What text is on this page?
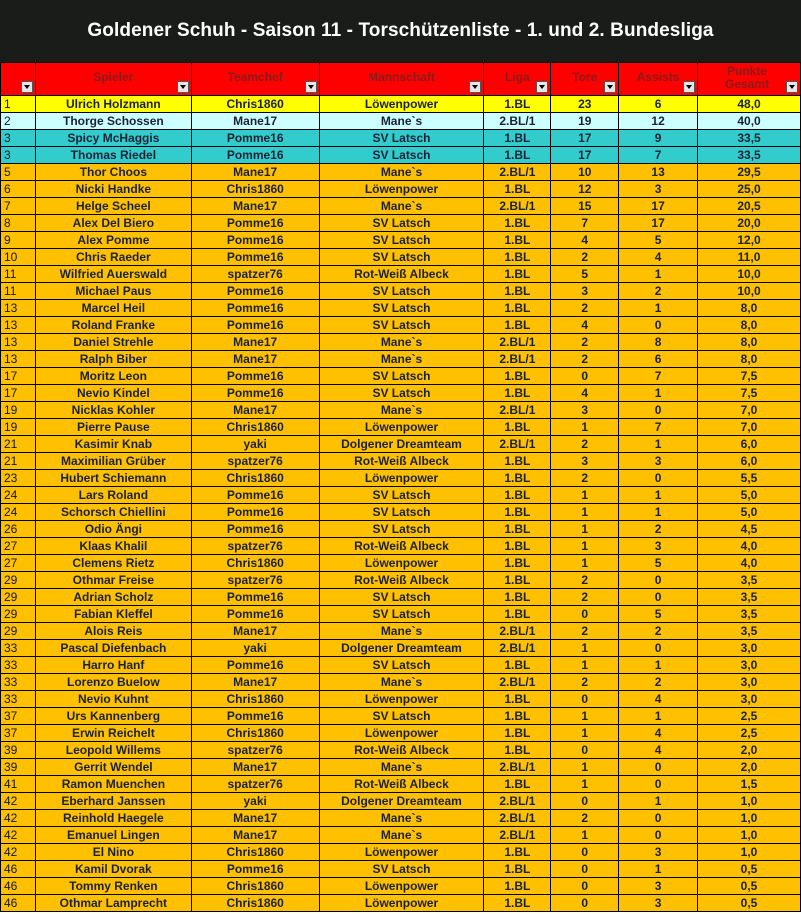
Goldener Schuh - Saison 11 - Torschützenliste - 1. und 2. Bundesliga

	Spieler	Teamchef	Mannschaft	Liga	Tore	Assists	Punkte Gesamt

1	Ulrich Holzmann	Chris1860	Löwenpower	1.BL	23	6	48,0
2	Thorge Schossen	Mane17	Mane`s	2.BL/1	19	12	40,0
3	Spicy McHaggis	Pomme16	SV Latsch	1.BL	17	9	33,5
3	Thomas Riedel	Pomme16	SV Latsch	1.BL	17	7	33,5
5	Thor Choos	Mane17	Mane`s	2.BL/1	10	13	29,5
6	Nicki Handke	Chris1860	Löwenpower	1.BL	12	3	25,0
7	Helge Scheel	Mane17	Mane`s	2.BL/1	15	17	20,5
8	Alex Del Biero	Pomme16	SV Latsch	1.BL	7	17	20,0
9	Alex Pomme	Pomme16	SV Latsch	1.BL	4	5	12,0
10	Chris Raeder	Pomme16	SV Latsch	1.BL	2	4	11,0
11	Wilfried Auerswald	spatzer76	Rot-Weiß Albeck	1.BL	5	1	10,0
11	Michael Paus	Pomme16	SV Latsch	1.BL	3	2	10,0
13	Marcel Heil	Pomme16	SV Latsch	1.BL	2	1	8,0
13	Roland Franke	Pomme16	SV Latsch	1.BL	4	0	8,0
13	Daniel Strehle	Mane17	Mane`s	2.BL/1	2	8	8,0
13	Ralph Biber	Mane17	Mane`s	2.BL/1	2	6	8,0
17	Moritz Leon	Pomme16	SV Latsch	1.BL	0	7	7,5
17	Nevio Kindel	Pomme16	SV Latsch	1.BL	4	1	7,5
19	Nicklas Kohler	Mane17	Mane`s	2.BL/1	3	0	7,0
19	Pierre Pause	Chris1860	Löwenpower	1.BL	1	7	7,0
21	Kasimir Knab	yaki	Dolgener Dreamteam	2.BL/1	2	1	6,0
21	Maximilian Grüber	spatzer76	Rot-Weiß Albeck	1.BL	3	3	6,0
23	Hubert Schiemann	Chris1860	Löwenpower	1.BL	2	0	5,5
24	Lars Roland	Pomme16	SV Latsch	1.BL	1	1	5,0
24	Schorsch Chiellini	Pomme16	SV Latsch	1.BL	1	1	5,0
26	Odio Ängi	Pomme16	SV Latsch	1.BL	1	2	4,5
27	Klaas Khalil	spatzer76	Rot-Weiß Albeck	1.BL	1	3	4,0
27	Clemens Rietz	Chris1860	Löwenpower	1.BL	1	5	4,0
29	Othmar Freise	spatzer76	Rot-Weiß Albeck	1.BL	2	0	3,5
29	Adrian Scholz	Pomme16	SV Latsch	1.BL	2	0	3,5
29	Fabian Kleffel	Pomme16	SV Latsch	1.BL	0	5	3,5
29	Alois Reis	Mane17	Mane`s	2.BL/1	2	2	3,5
33	Pascal Diefenbach	yaki	Dolgener Dreamteam	2.BL/1	1	0	3,0
33	Harro Hanf	Pomme16	SV Latsch	1.BL	1	1	3,0
33	Lorenzo Buelow	Mane17	Mane`s	2.BL/1	2	2	3,0
33	Nevio Kuhnt	Chris1860	Löwenpower	1.BL	0	4	3,0
37	Urs Kannenberg	Pomme16	SV Latsch	1.BL	1	1	2,5
37	Erwin Reichelt	Chris1860	Löwenpower	1.BL	1	4	2,5
39	Leopold Willems	spatzer76	Rot-Weiß Albeck	1.BL	0	4	2,0
39	Gerrit Wendel	Mane17	Mane`s	2.BL/1	1	0	2,0
41	Ramon Muenchen	spatzer76	Rot-Weiß Albeck	1.BL	1	0	1,5
42	Eberhard Janssen	yaki	Dolgener Dreamteam	2.BL/1	0	1	1,0
42	Reinhold Haegele	Mane17	Mane`s	2.BL/1	2	0	1,0
42	Emanuel Lingen	Mane17	Mane`s	2.BL/1	1	0	1,0
42	El Nino	Chris1860	Löwenpower	1.BL	0	3	1,0
46	Kamil Dvorak	Pomme16	SV Latsch	1.BL	0	1	0,5
46	Tommy Renken	Chris1860	Löwenpower	1.BL	0	3	0,5
46	Othmar Lamprecht	Chris1860	Löwenpower	1.BL	0	3	0,5
